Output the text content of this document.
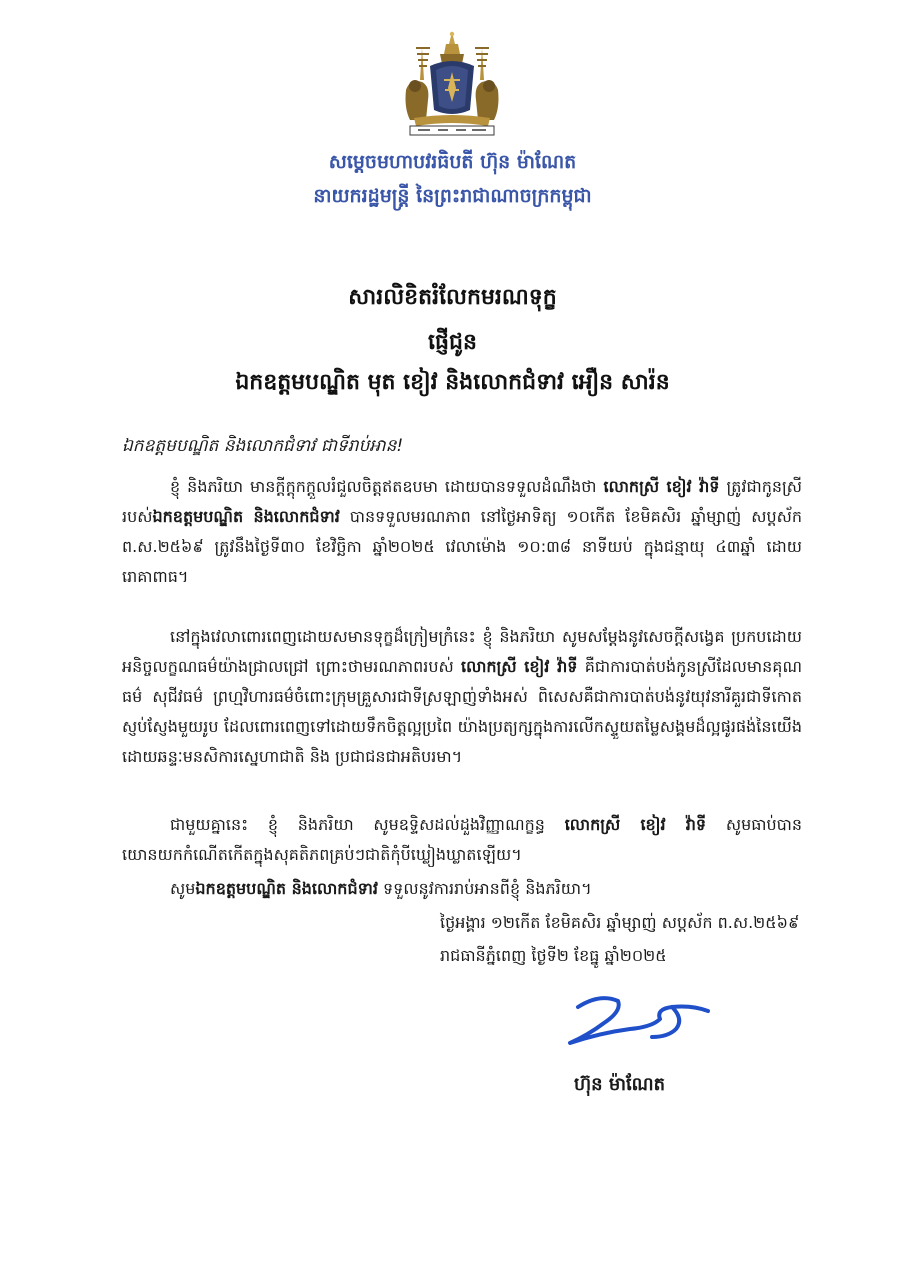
សម្តេចមហាបវរធិបតី ហ៊ុន ម៉ាណែត
នាយករដ្ឋមន្ត្រី នៃព្រះរាជាណាចក្រកម្ពុជា
សារលិខិតរំលែកមរណទុក្ខ
ផ្ញើជូន
ឯកឧត្តមបណ្ឌិត មុត ខៀវ និងលោកជំទាវ អឿន សារ៉ន
ឯកឧត្តមបណ្ឌិត និងលោកជំទាវ ជាទីរាប់អាន!
ខ្ញុំ និងភរិយា មានក្តីក្តុកក្តួលរំជួលចិត្តឥតឧបមា ដោយបានទទួលដំណឹងថា លោកស្រី ខៀវ វ៉ាទី ត្រូវជាកូនស្រីរបស់ឯកឧត្តមបណ្ឌិត និងលោកជំទាវ បានទទួលមរណភាព នៅថ្ងៃអាទិត្យ ១០កើត ខែមិគសិរ ឆ្នាំម្សាញ់ សប្តស័ក ព.ស.២៥៦៩ ត្រូវនឹងថ្ងៃទី៣០ ខែវិច្ឆិកា ឆ្នាំ២០២៥ វេលាម៉ោង ១០:៣៨ នាទីយប់ ក្នុងជន្មាយុ ៤៣ឆ្នាំ ដោយរោគាពាធ។
នៅក្នុងវេលាពោរពេញដោយសមានទុក្ខដ៏ក្រៀមក្រំនេះ ខ្ញុំ និងភរិយា សូមសម្តែងនូវសេចក្តីសង្វេគ ប្រកបដោយអនិច្ចលក្ខណធម៌យ៉ាងជ្រាលជ្រៅ ព្រោះថាមរណភាពរបស់ លោកស្រី ខៀវ វ៉ាទី គឺជាការបាត់បង់កូនស្រីដែលមានគុណធម៌ សុជីវធម៌ ព្រហ្មវិហារធម៌ចំពោះក្រុមគ្រួសារជាទីស្រឡាញ់ទាំងអស់ ពិសេសគឺជាការបាត់បង់នូវយុវនារីគួរជាទីកោតស្ញប់ស្ញែងមួយរូប ដែលពោរពេញទៅដោយទឹកចិត្តល្អប្រពៃ យ៉ាងប្រត្យក្សក្នុងការលើកស្ទួយតម្លៃសង្គមដ៏ល្អផូរផង់នៃយើង ដោយឆន្ទៈមនសិការស្នេហាជាតិ និង ប្រជាជនជាអតិបរមា។
ជាមួយគ្នានេះ ខ្ញុំ និងភរិយា សូមឧទ្ទិសដល់ដួងវិញ្ញាណក្ខន្ធ លោកស្រី ខៀវ វ៉ាទី សូមធាប់បានយោនយកកំណើតកើតក្នុងសុគតិភពគ្រប់ៗជាតិកុំបីឃ្លៀងឃ្លាតឡើយ។
សូមឯកឧត្តមបណ្ឌិត និងលោកជំទាវ ទទួលនូវការរាប់អានពីខ្ញុំ និងភរិយា។
ថ្ងៃអង្គារ ១២កើត ខែមិគសិរ ឆ្នាំម្សាញ់ សប្តស័ក ព.ស.២៥៦៩
រាជធានីភ្នំពេញ ថ្ងៃទី២ ខែធ្នូ ឆ្នាំ២០២៥
ហ៊ុន ម៉ាណែត
